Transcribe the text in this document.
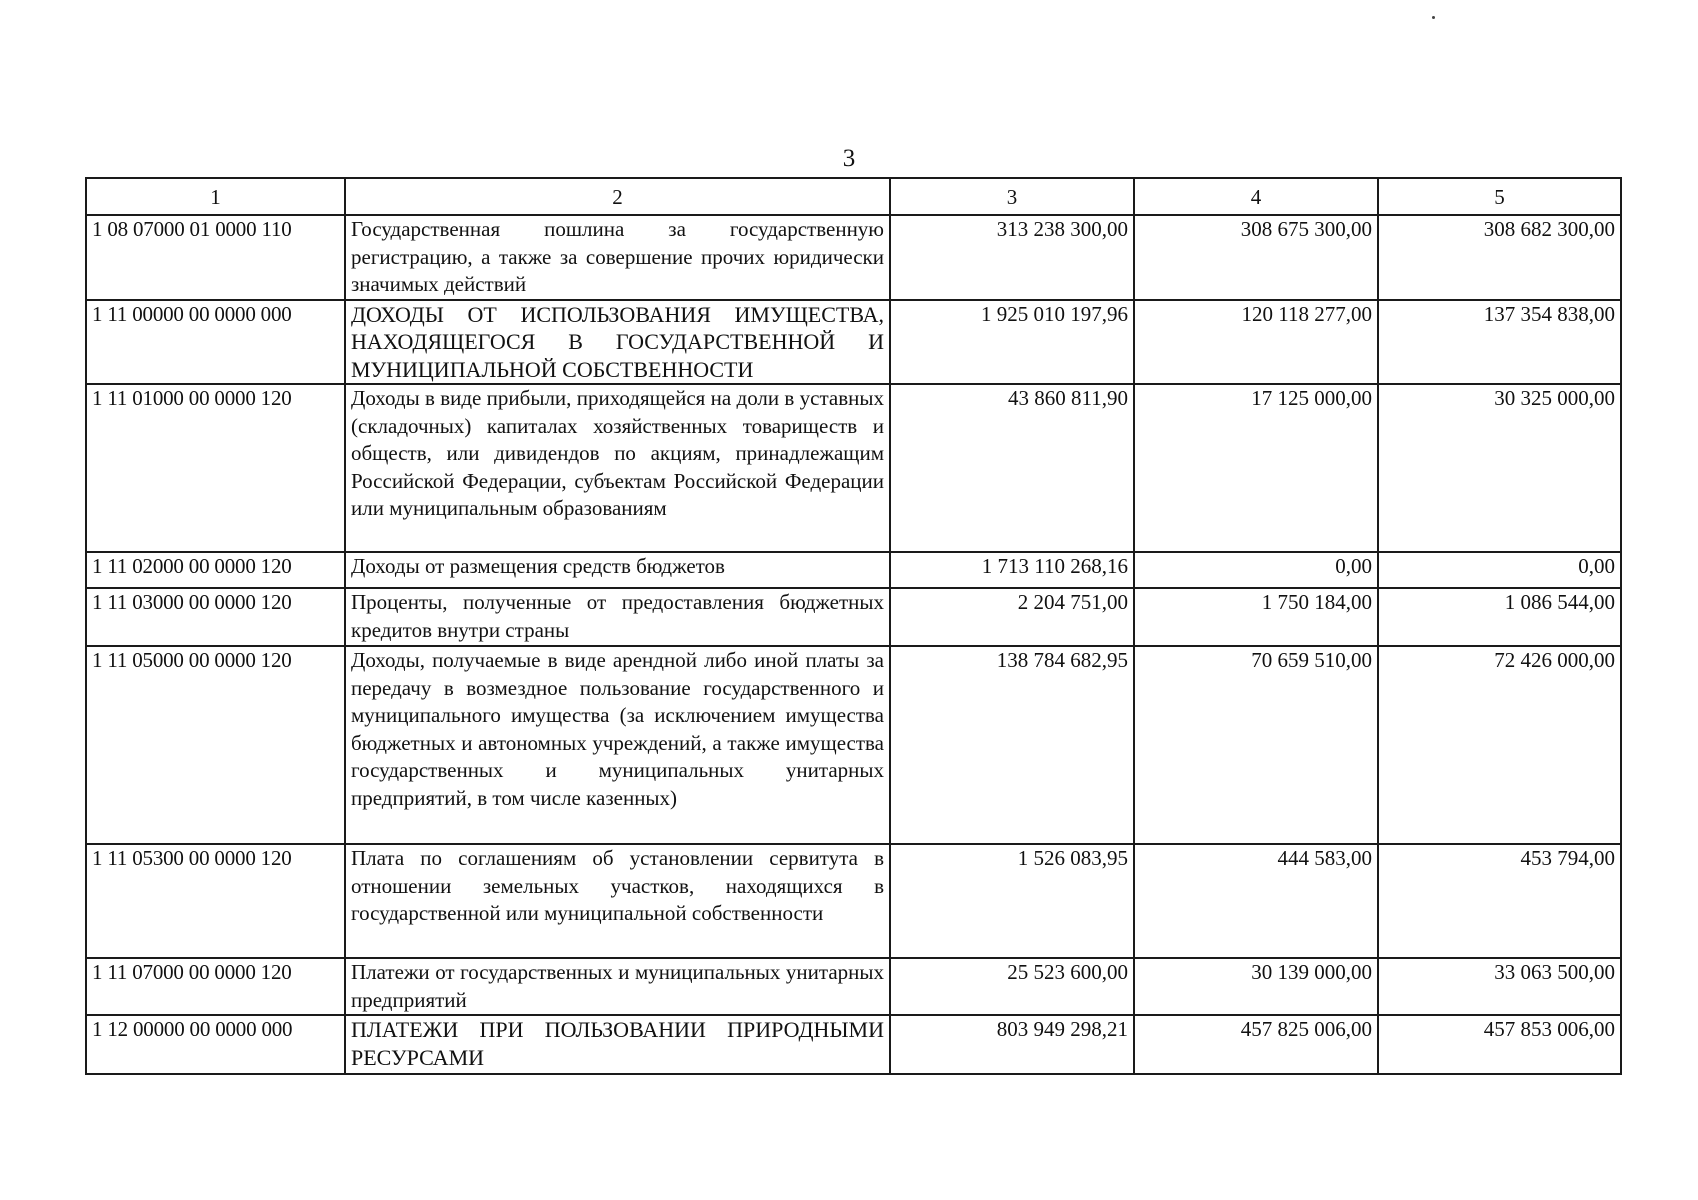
3
1	2	3	4	5
1 08 07000 01 0000 110	Государственная пошлина за государственную регистрацию, а также за совершение прочих юридически значимых действий	313 238 300,00	308 675 300,00	308 682 300,00
1 11 00000 00 0000 000	ДОХОДЫ ОТ ИСПОЛЬЗОВАНИЯ ИМУЩЕСТВА, НАХОДЯЩЕГОСЯ В ГОСУДАРСТВЕННОЙ И МУНИЦИПАЛЬНОЙ СОБСТВЕННОСТИ	1 925 010 197,96	120 118 277,00	137 354 838,00
1 11 01000 00 0000 120	Доходы в виде прибыли, приходящейся на доли в уставных (складочных) капиталах хозяйственных товариществ и обществ, или дивидендов по акциям, принадлежащим Российской Федерации, субъектам Российской Федерации или муниципальным образованиям	43 860 811,90	17 125 000,00	30 325 000,00
1 11 02000 00 0000 120	Доходы от размещения средств бюджетов	1 713 110 268,16	0,00	0,00
1 11 03000 00 0000 120	Проценты, полученные от предоставления бюджетных кредитов внутри страны	2 204 751,00	1 750 184,00	1 086 544,00
1 11 05000 00 0000 120	Доходы, получаемые в виде арендной либо иной платы за передачу в возмездное пользование государственного и муниципального имущества (за исключением имущества бюджетных и автономных учреждений, а также имущества государственных и муниципальных унитарных предприятий, в том числе казенных)	138 784 682,95	70 659 510,00	72 426 000,00
1 11 05300 00 0000 120	Плата по соглашениям об установлении сервитута в отношении земельных участков, находящихся в государственной или муниципальной собственности	1 526 083,95	444 583,00	453 794,00
1 11 07000 00 0000 120	Платежи от государственных и муниципальных унитарных предприятий	25 523 600,00	30 139 000,00	33 063 500,00
1 12 00000 00 0000 000	ПЛАТЕЖИ ПРИ ПОЛЬЗОВАНИИ ПРИРОДНЫМИ РЕСУРСАМИ	803 949 298,21	457 825 006,00	457 853 006,00
